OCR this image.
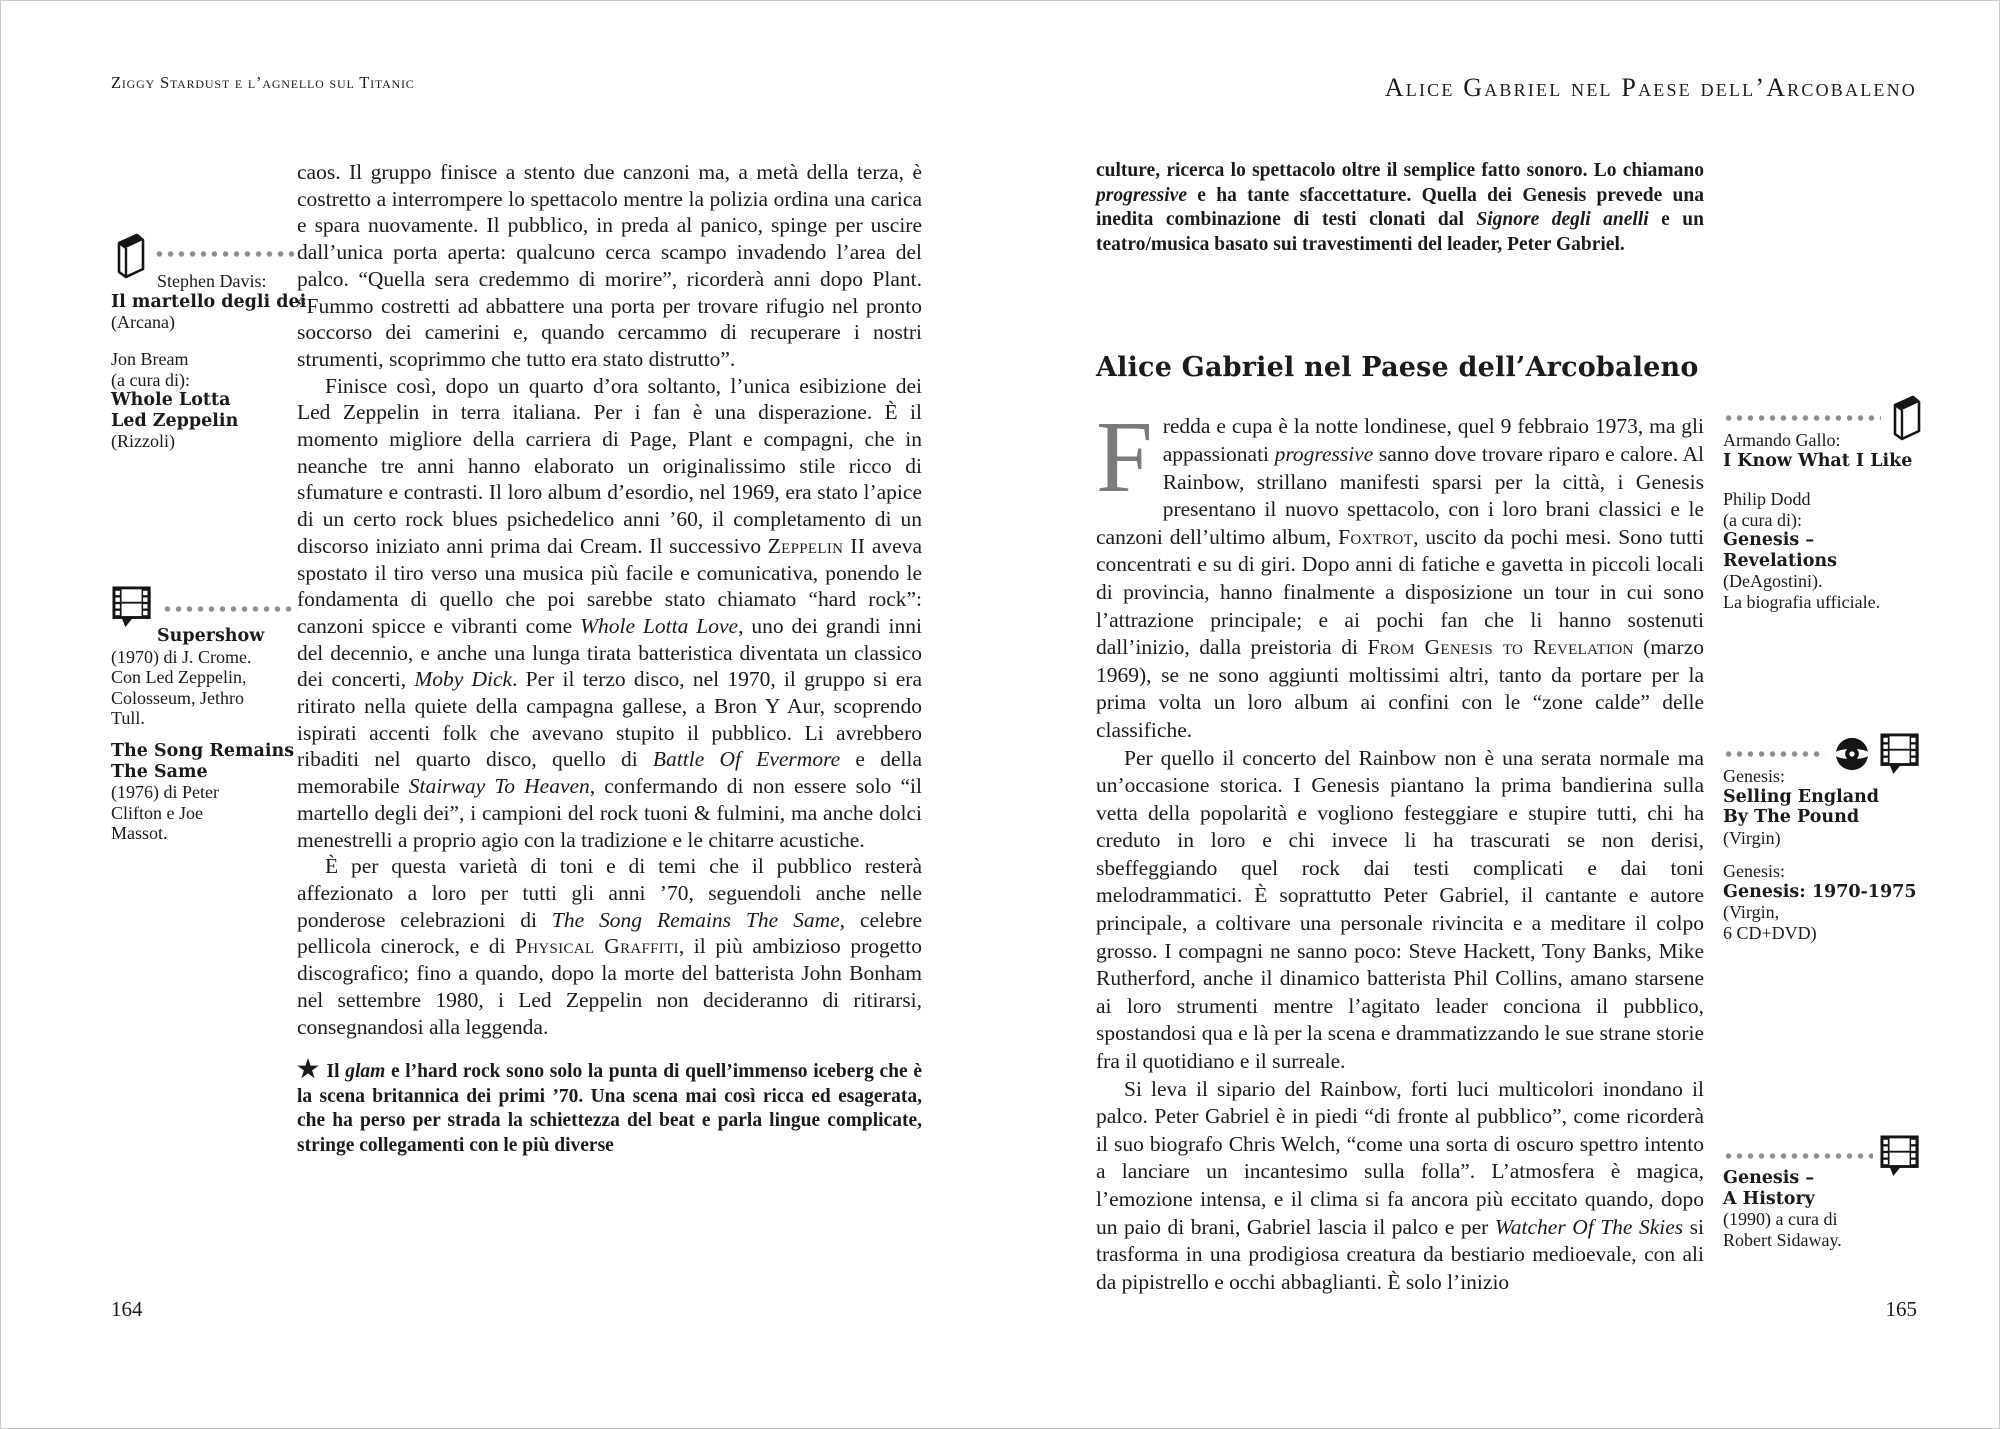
Ziggy Stardust e l’agnello sul Titanic	Alice Gabriel nel Paese dell’Arcobaleno
Stephen Davis:
Il martello degli dei
(Arcana)
Jon Bream
(a cura di):
Whole Lotta
Led Zeppelin
(Rizzoli)
Supershow
(1970) di J. Crome.
Con Led Zeppelin,
Colosseum, Jethro
Tull.
The Song Remains
The Same
(1976) di Peter
Clifton e Joe
Massot.

caos. Il gruppo finisce a stento due canzoni ma, a metà della terza, è costretto a interrompere lo spettacolo mentre la polizia ordina una carica e spara nuovamente. Il pubblico, in preda al panico, spinge per uscire dall’unica porta aperta: qualcuno cerca scampo invadendo l’area del palco. “Quella sera credemmo di morire”, ricorderà anni dopo Plant. “Fummo costretti ad abbattere una porta per trovare rifugio nel pronto soccorso dei camerini e, quando cercammo di recuperare i nostri strumenti, scoprimmo che tutto era stato distrutto”.

Finisce così, dopo un quarto d’ora soltanto, l’unica esibizione dei Led Zeppelin in terra italiana. Per i fan è una disperazione. È il momento migliore della carriera di Page, Plant e compagni, che in neanche tre anni hanno elaborato un originalissimo stile ricco di sfumature e contrasti. Il loro album d’esordio, nel 1969, era stato l’apice di un certo rock blues psichedelico anni ’60, il completamento di un discorso iniziato anni prima dai Cream. Il successivo Zeppelin II aveva spostato il tiro verso una musica più facile e comunicativa, ponendo le fondamenta di quello che poi sarebbe stato chiamato “hard rock”: canzoni spicce e vibranti come Whole Lotta Love, uno dei grandi inni del decennio, e anche una lunga tirata batteristica diventata un classico dei concerti, Moby Dick. Per il terzo disco, nel 1970, il gruppo si era ritirato nella quiete della campagna gallese, a Bron Y Aur, scoprendo ispirati accenti folk che avevano stupito il pubblico. Li avrebbero ribaditi nel quarto disco, quello di Battle Of Evermore e della memorabile Stairway To Heaven, confermando di non essere solo “il martello degli dei”, i campioni del rock tuoni & fulmini, ma anche dolci menestrelli a proprio agio con la tradizione e le chitarre acustiche.

È per questa varietà di toni e di temi che il pubblico resterà affezionato a loro per tutti gli anni ’70, seguendoli anche nelle ponderose celebrazioni di The Song Remains The Same, celebre pellicola cinerock, e di Physical Graffiti, il più ambizioso progetto discografico; fino a quando, dopo la morte del batterista John Bonham nel settembre 1980, i Led Zeppelin non decideranno di ritirarsi, consegnandosi alla leggenda.

★ Il glam e l’hard rock sono solo la punta di quell’immenso iceberg che è la scena britannica dei primi ’70. Una scena mai così ricca ed esagerata, che ha perso per strada la schiettezza del beat e parla lingue complicate, stringe collegamenti con le più diverse

culture, ricerca lo spettacolo oltre il semplice fatto sonoro. Lo chiamano progressive e ha tante sfaccettature. Quella dei Genesis prevede una inedita combinazione di testi clonati dal Signore degli anelli e un teatro/musica basato sui travestimenti del leader, Peter Gabriel.

Alice Gabriel nel Paese dell’Arcobaleno

Fredda e cupa è la notte londinese, quel 9 febbraio 1973, ma gli appassionati progressive sanno dove trovare riparo e calore. Al Rainbow, strillano manifesti sparsi per la città, i Genesis presentano il nuovo spettacolo, con i loro brani classici e le canzoni dell’ultimo album, Foxtrot, uscito da pochi mesi. Sono tutti concentrati e su di giri. Dopo anni di fatiche e gavetta in piccoli locali di provincia, hanno finalmente a disposizione un tour in cui sono l’attrazione principale; e ai pochi fan che li hanno sostenuti dall’inizio, dalla preistoria di From Genesis to Revelation (marzo 1969), se ne sono aggiunti moltissimi altri, tanto da portare per la prima volta un loro album ai confini con le “zone calde” delle classifiche.

Per quello il concerto del Rainbow non è una serata normale ma un’occasione storica. I Genesis piantano la prima bandierina sulla vetta della popolarità e vogliono festeggiare e stupire tutti, chi ha creduto in loro e chi invece li ha trascurati se non derisi, sbeffeggiando quel rock dai testi complicati e dai toni melodrammatici. È soprattutto Peter Gabriel, il cantante e autore principale, a coltivare una personale rivincita e a meditare il colpo grosso. I compagni ne sanno poco: Steve Hackett, Tony Banks, Mike Rutherford, anche il dinamico batterista Phil Collins, amano starsene ai loro strumenti mentre l’agitato leader conciona il pubblico, spostandosi qua e là per la scena e drammatizzando le sue strane storie fra il quotidiano e il surreale.

Si leva il sipario del Rainbow, forti luci multicolori inondano il palco. Peter Gabriel è in piedi “di fronte al pubblico”, come ricorderà il suo biografo Chris Welch, “come una sorta di oscuro spettro intento a lanciare un incantesimo sulla folla”. L’atmosfera è magica, l’emozione intensa, e il clima si fa ancora più eccitato quando, dopo un paio di brani, Gabriel lascia il palco e per Watcher Of The Skies si trasforma in una prodigiosa creatura da bestiario medioevale, con ali da pipistrello e occhi abbaglianti. È solo l’inizio

Armando Gallo:
I Know What I Like
Philip Dodd
(a cura di):
Genesis –
Revelations
(DeAgostini).
La biografia ufficiale.
Genesis:
Selling England
By The Pound
(Virgin)
Genesis:
Genesis: 1970-1975
(Virgin,
6 CD+DVD)
Genesis –
A History
(1990) a cura di
Robert Sidaway.
164	165
